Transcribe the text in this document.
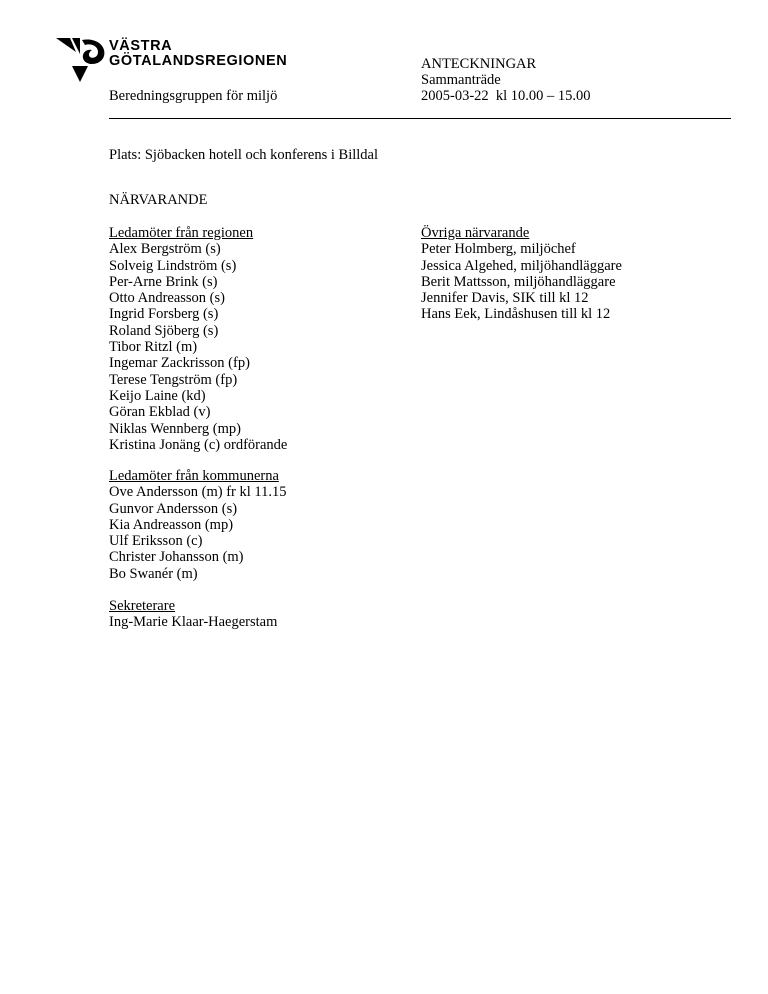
VÄSTRA
GÖTALANDSREGIONEN
Beredningsgruppen för miljö
ANTECKNINGAR
Sammanträde
2005-03-22  kl 10.00 – 15.00
Plats: Sjöbacken hotell och konferens i Billdal
NÄRVARANDE
Ledamöter från regionen
Alex Bergström (s)
Solveig Lindström (s)
Per-Arne Brink (s)
Otto Andreasson (s)
Ingrid Forsberg (s)
Roland Sjöberg (s)
Tibor Ritzl (m)
Ingemar Zackrisson (fp)
Terese Tengström (fp)
Keijo Laine (kd)
Göran Ekblad (v)
Niklas Wennberg (mp)
Kristina Jonäng (c) ordförande
Ledamöter från kommunerna
Ove Andersson (m) fr kl 11.15
Gunvor Andersson (s)
Kia Andreasson (mp)
Ulf Eriksson (c)
Christer Johansson (m)
Bo Swanér (m)
Sekreterare
Ing-Marie Klaar-Haegerstam
Övriga närvarande
Peter Holmberg, miljöchef
Jessica Algehed, miljöhandläggare
Berit Mattsson, miljöhandläggare
Jennifer Davis, SIK till kl 12
Hans Eek, Lindåshusen till kl 12
